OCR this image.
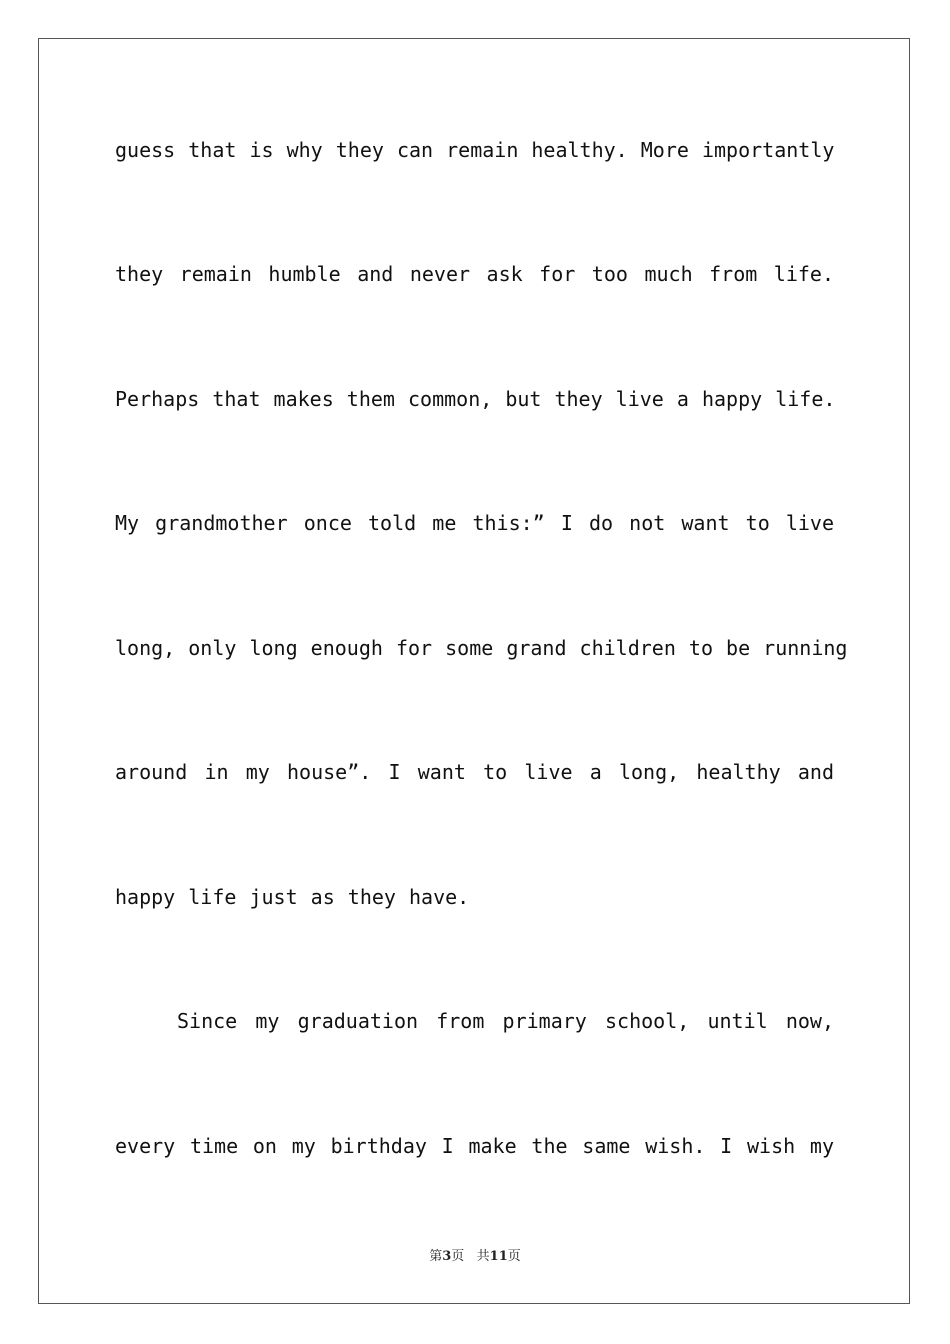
guess that is why they can remain healthy. More importantly
they remain humble and never ask for too much from life.
Perhaps that makes them common, but they live a happy life.
My grandmother once told me this:” I do not want to live
long, only long enough for some grand children to be running
around in my house”. I want to live a long, healthy and
happy life just as they have.
Since my graduation from primary school, until now,
every time on my birthday I make the same wish. I wish my
第3页   共11页
